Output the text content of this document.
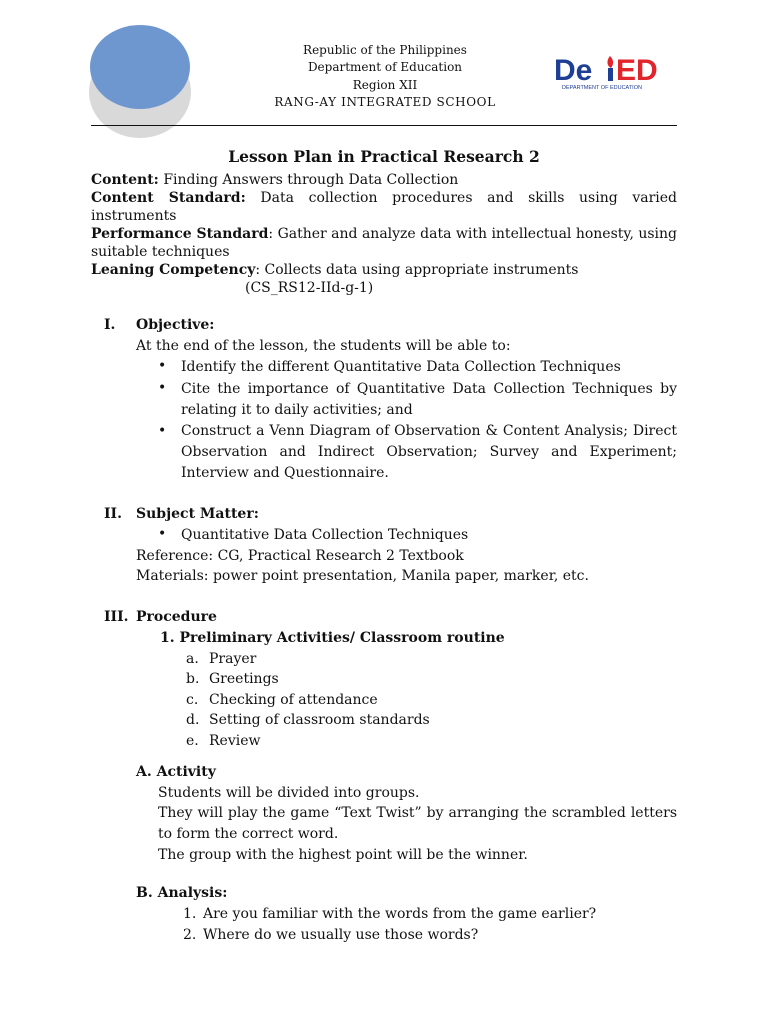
Republic of the Philippines
Department of Education
Region XII
RANG-AY INTEGRATED SCHOOL
De ED
DEPARTMENT OF EDUCATION
Lesson Plan in Practical Research 2
Content: Finding Answers through Data Collection
Content Standard: Data collection procedures and skills using varied instruments
Performance Standard: Gather and analyze data with intellectual honesty, using suitable techniques
Leaning Competency: Collects data using appropriate instruments
(CS_RS12-IId-g-1)
I. Objective:
At the end of the lesson, the students will be able to:
• Identify the different Quantitative Data Collection Techniques
• Cite the importance of Quantitative Data Collection Techniques by relating it to daily activities; and
• Construct a Venn Diagram of Observation & Content Analysis; Direct Observation and Indirect Observation; Survey and Experiment; Interview and Questionnaire.
II. Subject Matter:
• Quantitative Data Collection Techniques
Reference: CG, Practical Research 2 Textbook
Materials: power point presentation, Manila paper, marker, etc.
III. Procedure
1. Preliminary Activities/ Classroom routine
a. Prayer
b. Greetings
c. Checking of attendance
d. Setting of classroom standards
e. Review
A. Activity
Students will be divided into groups.
They will play the game “Text Twist” by arranging the scrambled letters to form the correct word.
The group with the highest point will be the winner.
B. Analysis:
1. Are you familiar with the words from the game earlier?
2. Where do we usually use those words?
